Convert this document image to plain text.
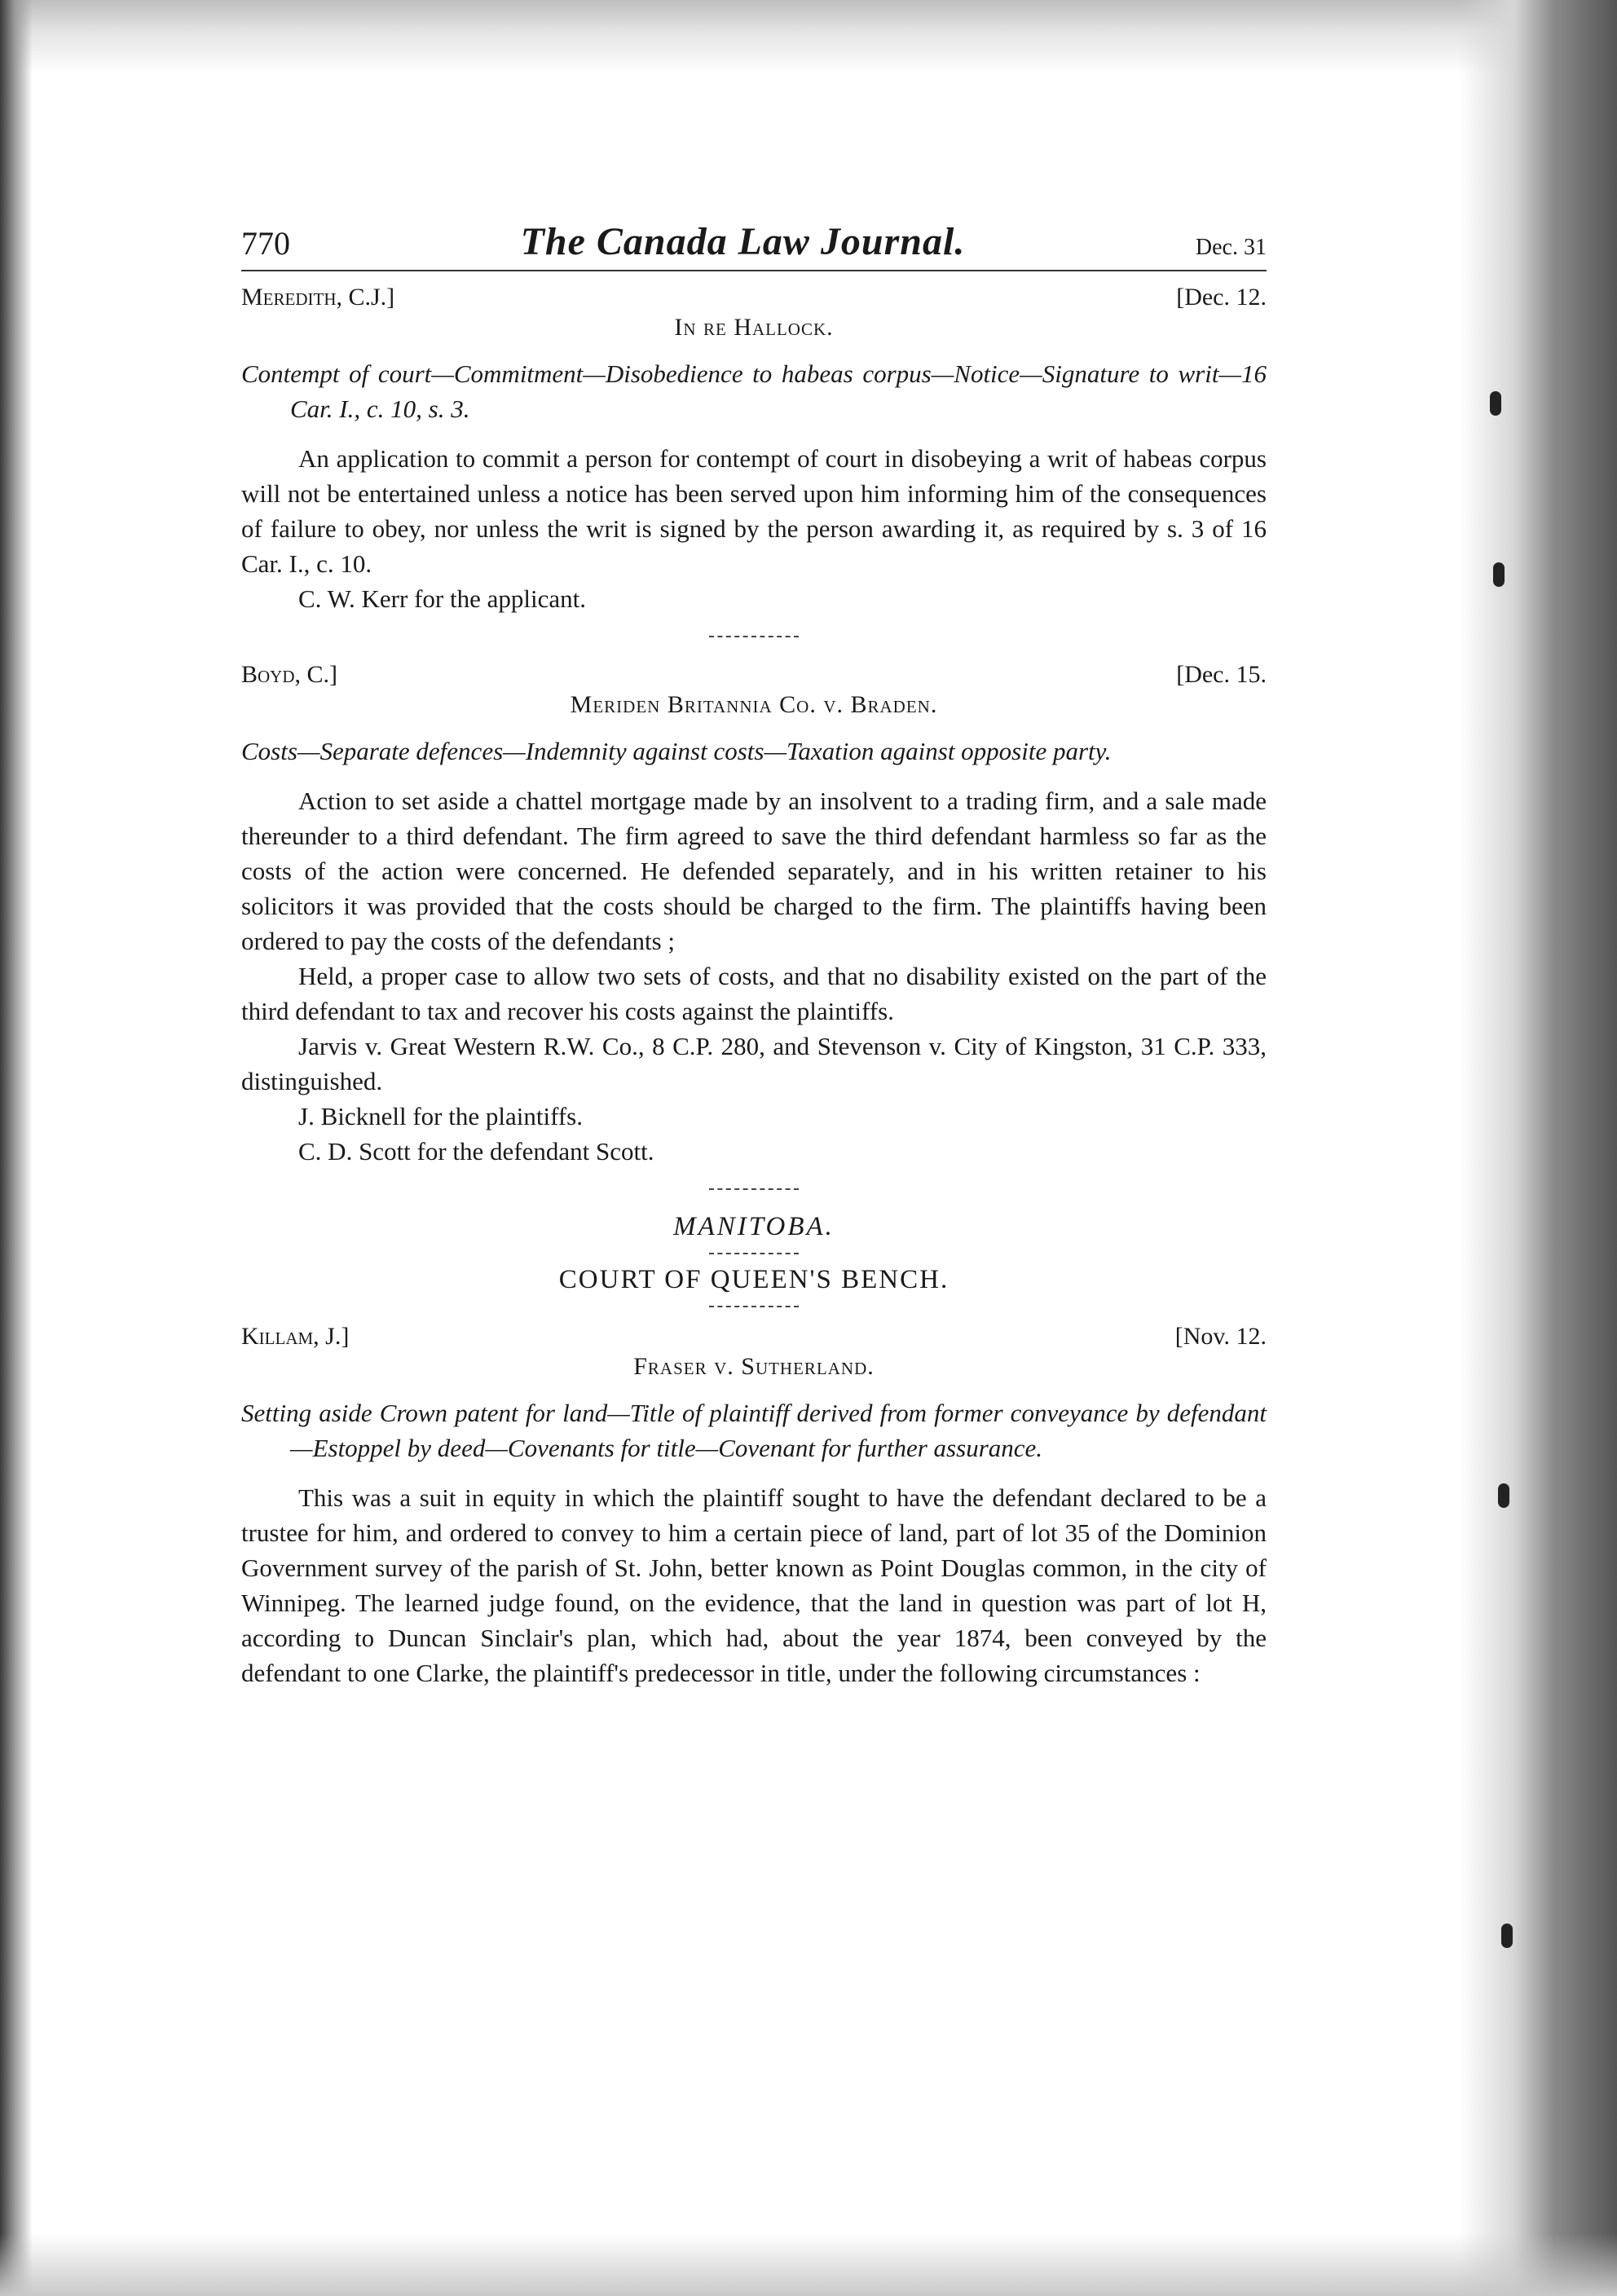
770	The Canada Law Journal.	Dec. 31
Meredith, C.J.]	[Dec. 12.
In re Hallock.
Contempt of court—Commitment—Disobedience to habeas corpus—Notice—Signature to writ—16 Car. I., c. 10, s. 3.

An application to commit a person for contempt of court in disobeying a writ of habeas corpus will not be entertained unless a notice has been served upon him informing him of the consequences of failure to obey, nor unless the writ is signed by the person awarding it, as required by s. 3 of 16 Car. I., c. 10.

C. W. Kerr for the applicant.

Boyd, C.]	[Dec. 15.
Meriden Britannia Co. v. Braden.
Costs—Separate defences—Indemnity against costs—Taxation against opposite party.

Action to set aside a chattel mortgage made by an insolvent to a trading firm, and a sale made thereunder to a third defendant. The firm agreed to save the third defendant harmless so far as the costs of the action were concerned. He defended separately, and in his written retainer to his solicitors it was provided that the costs should be charged to the firm. The plaintiffs having been ordered to pay the costs of the defendants ;

Held, a proper case to allow two sets of costs, and that no disability existed on the part of the third defendant to tax and recover his costs against the plaintiffs.

Jarvis v. Great Western R.W. Co., 8 C.P. 280, and Stevenson v. City of Kingston, 31 C.P. 333, distinguished.

J. Bicknell for the plaintiffs.

C. D. Scott for the defendant Scott.

MANITOBA.
COURT OF QUEEN'S BENCH.
Killam, J.]	[Nov. 12.
Fraser v. Sutherland.
Setting aside Crown patent for land—Title of plaintiff derived from former conveyance by defendant—Estoppel by deed—Covenants for title—Covenant for further assurance.

This was a suit in equity in which the plaintiff sought to have the defendant declared to be a trustee for him, and ordered to convey to him a certain piece of land, part of lot 35 of the Dominion Government survey of the parish of St. John, better known as Point Douglas common, in the city of Winnipeg. The learned judge found, on the evidence, that the land in question was part of lot H, according to Duncan Sinclair's plan, which had, about the year 1874, been conveyed by the defendant to one Clarke, the plaintiff's predecessor in title, under the following circumstances :
